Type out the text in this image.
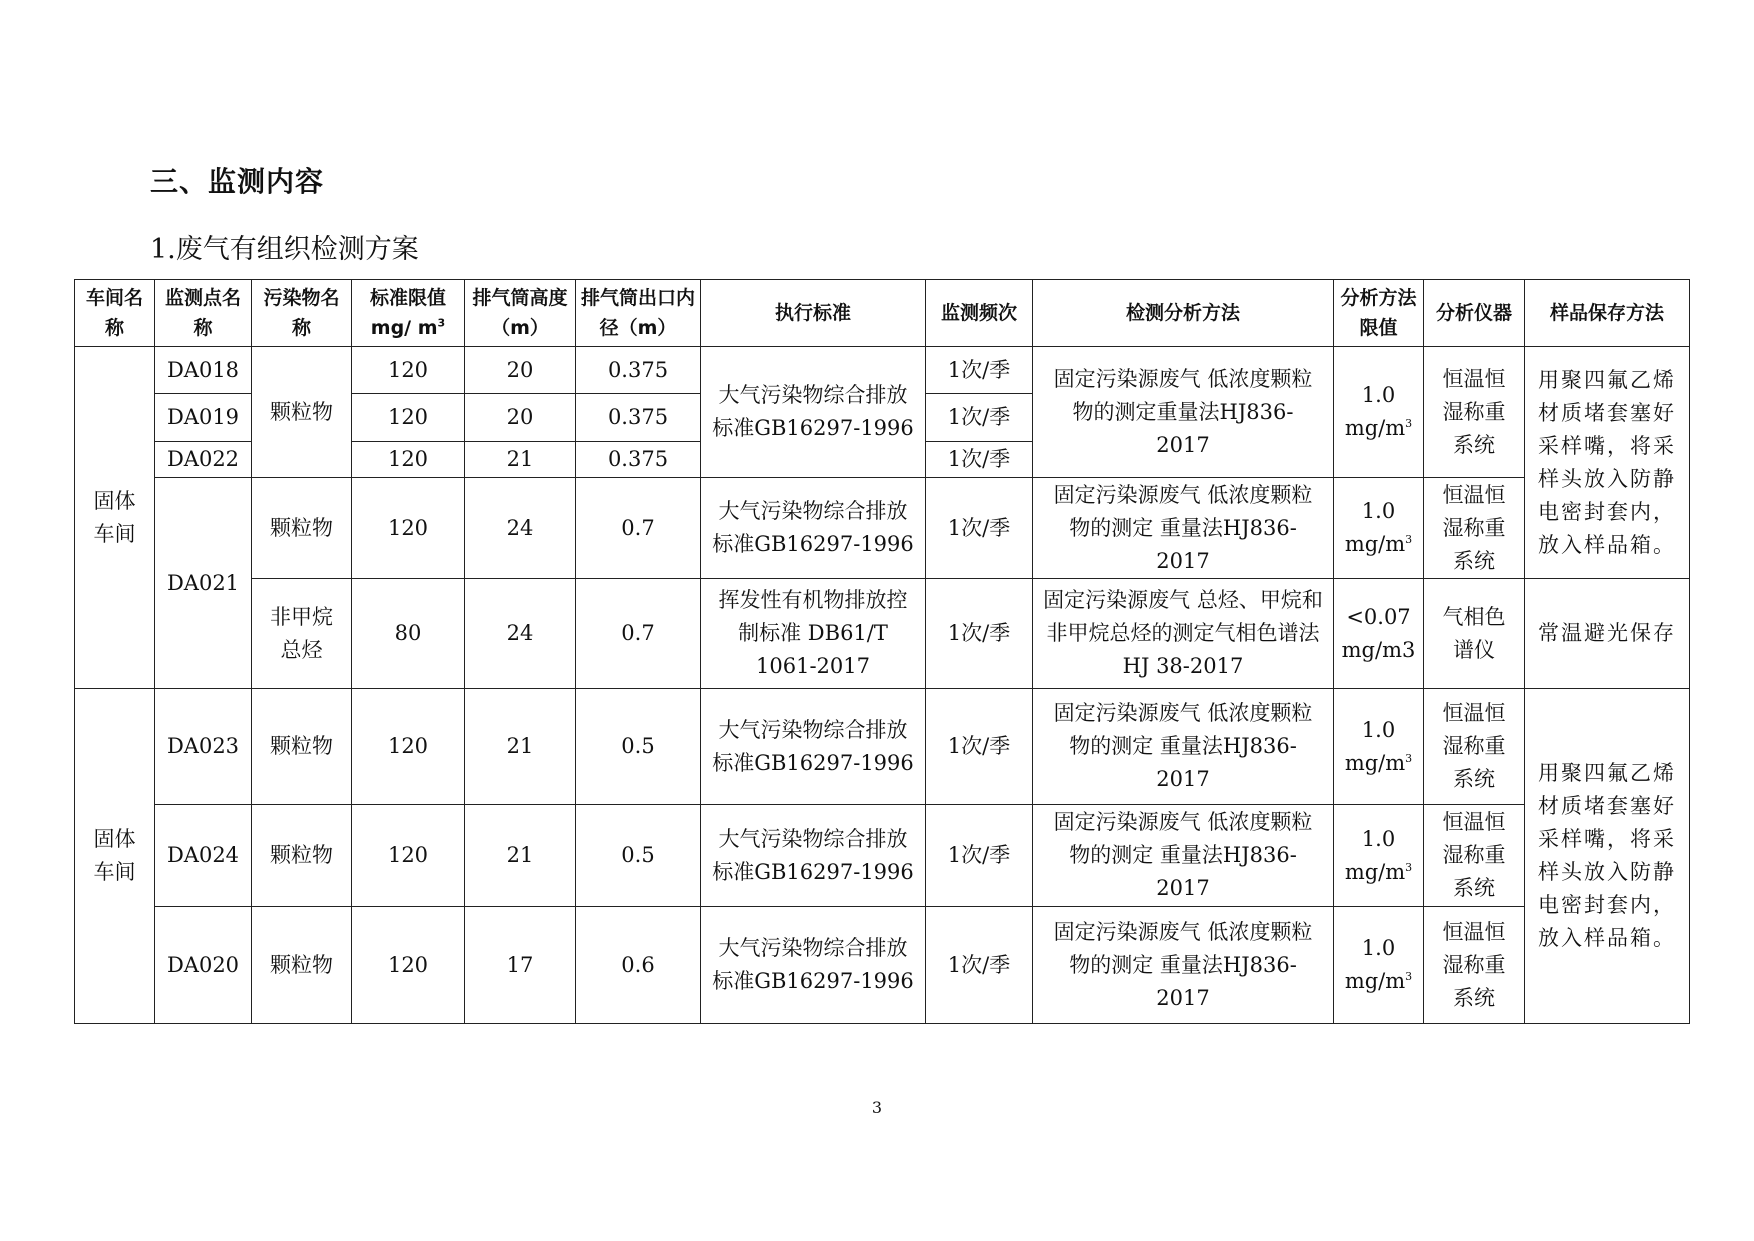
三、监测内容
1.废气有组织检测方案
车间名称	监测点名称	污染物名称	标准限值mg/ $m^3$	排气筒高度（m）	排气筒出口内径（m）	执行标准	监测频次	检测分析方法	分析方法限值	分析仪器	样品保存方法
固体车间	DA018	颗粒物	120	20	0.375	大气污染物综合排放标准GB16297-1996	1次/季	固定污染源废气 低浓度颗粒物的测定重量法HJ836-2017	1.0 $mg/m^3$	恒温恒湿称重系统	用聚四氟乙烯材质堵套塞好采样嘴，将采样头放入防静电密封套内，放入样品箱。
	DA019		120	20	0.375		1次/季				
	DA022		120	21	0.375		1次/季				
	DA021	颗粒物	120	24	0.7	大气污染物综合排放标准GB16297-1996	1次/季	固定污染源废气 低浓度颗粒物的测定 重量法HJ836-2017	1.0 $mg/m^3$	恒温恒湿称重系统	
		非甲烷总烃	80	24	0.7	挥发性有机物排放控制标准 DB61/T 1061-2017	1次/季	固定污染源废气 总烃、甲烷和非甲烷总烃的测定气相色谱法 HJ 38-2017	<0.07 mg/m3	气相色谱仪	常温避光保存
固体车间	DA023	颗粒物	120	21	0.5	大气污染物综合排放标准GB16297-1996	1次/季	固定污染源废气 低浓度颗粒物的测定 重量法HJ836-2017	1.0 $mg/m^3$	恒温恒湿称重系统	用聚四氟乙烯材质堵套塞好采样嘴，将采样头放入防静电密封套内，放入样品箱。
	DA024	颗粒物	120	21	0.5	大气污染物综合排放标准GB16297-1996	1次/季	固定污染源废气 低浓度颗粒物的测定 重量法HJ836-2017	1.0 $mg/m^3$	恒温恒湿称重系统	
	DA020	颗粒物	120	17	0.6	大气污染物综合排放标准GB16297-1996	1次/季	固定污染源废气 低浓度颗粒物的测定 重量法HJ836-2017	1.0 $mg/m^3$	恒温恒湿称重系统	
3
